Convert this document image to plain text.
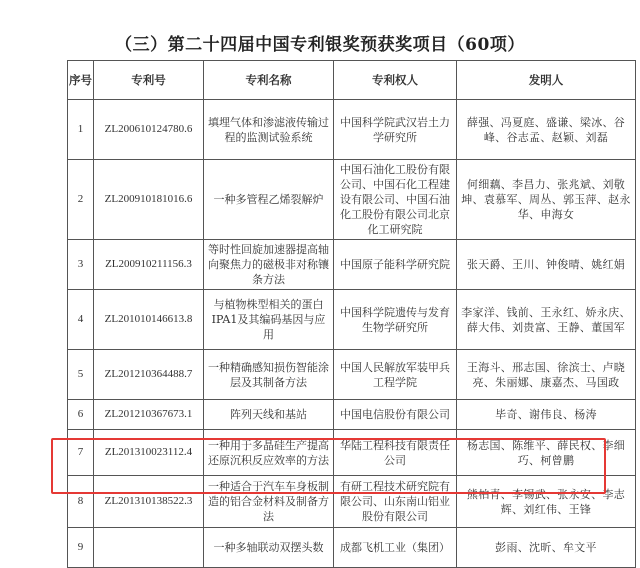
（三）第二十四届中国专利银奖预获奖项目（60项）
序号	专利号	专利名称	专利权人	发明人
1	ZL200610124780.6	填埋气体和渗滤液传输过程的监测试验系统	中国科学院武汉岩土力学研究所	薛强、冯夏庭、盛谦、梁冰、谷峰、谷志孟、赵颖、刘磊
2	ZL200910181016.6	一种多管程乙烯裂解炉	中国石油化工股份有限公司、中国石化工程建设有限公司、中国石油化工股份有限公司北京化工研究院	何细藕、李昌力、张兆斌、刘敬坤、袁慕军、周丛、郭玉萍、赵永华、申海女
3	ZL200910211156.3	等时性回旋加速器提高轴向聚焦力的磁极非对称镶条方法	中国原子能科学研究院	张天爵、王川、钟俊晴、姚红娟
4	ZL201010146613.8	与植物株型相关的蛋白IPA1及其编码基因与应用	中国科学院遗传与发育生物学研究所	李家洋、钱前、王永红、娇永庆、薛大伟、刘贵富、王静、董国军
5	ZL201210364488.7	一种精确感知损伤智能涂层及其制备方法	中国人民解放军装甲兵工程学院	王海斗、邢志国、徐滨士、卢晓亮、朱丽娜、康嘉杰、马国政
6	ZL201210367673.1	阵列天线和基站	中国电信股份有限公司	毕奇、谢伟良、杨涛
7	ZL201310023112.4	一种用于多晶硅生产提高还原沉积反应效率的方法	华陆工程科技有限责任公司	杨志国、陈维平、薛民权、李细巧、柯曾鹏
8	ZL201310138522.3	一种适合于汽车车身板制造的铝合金材料及制备方法	有研工程技术研究院有限公司、山东南山铝业股份有限公司	熊柏青、李锡武、张永安、李志辉、刘红伟、王锋
9		一种多轴联动双摆头数	成都飞机工业（集团）	彭雨、沈昕、牟文平
